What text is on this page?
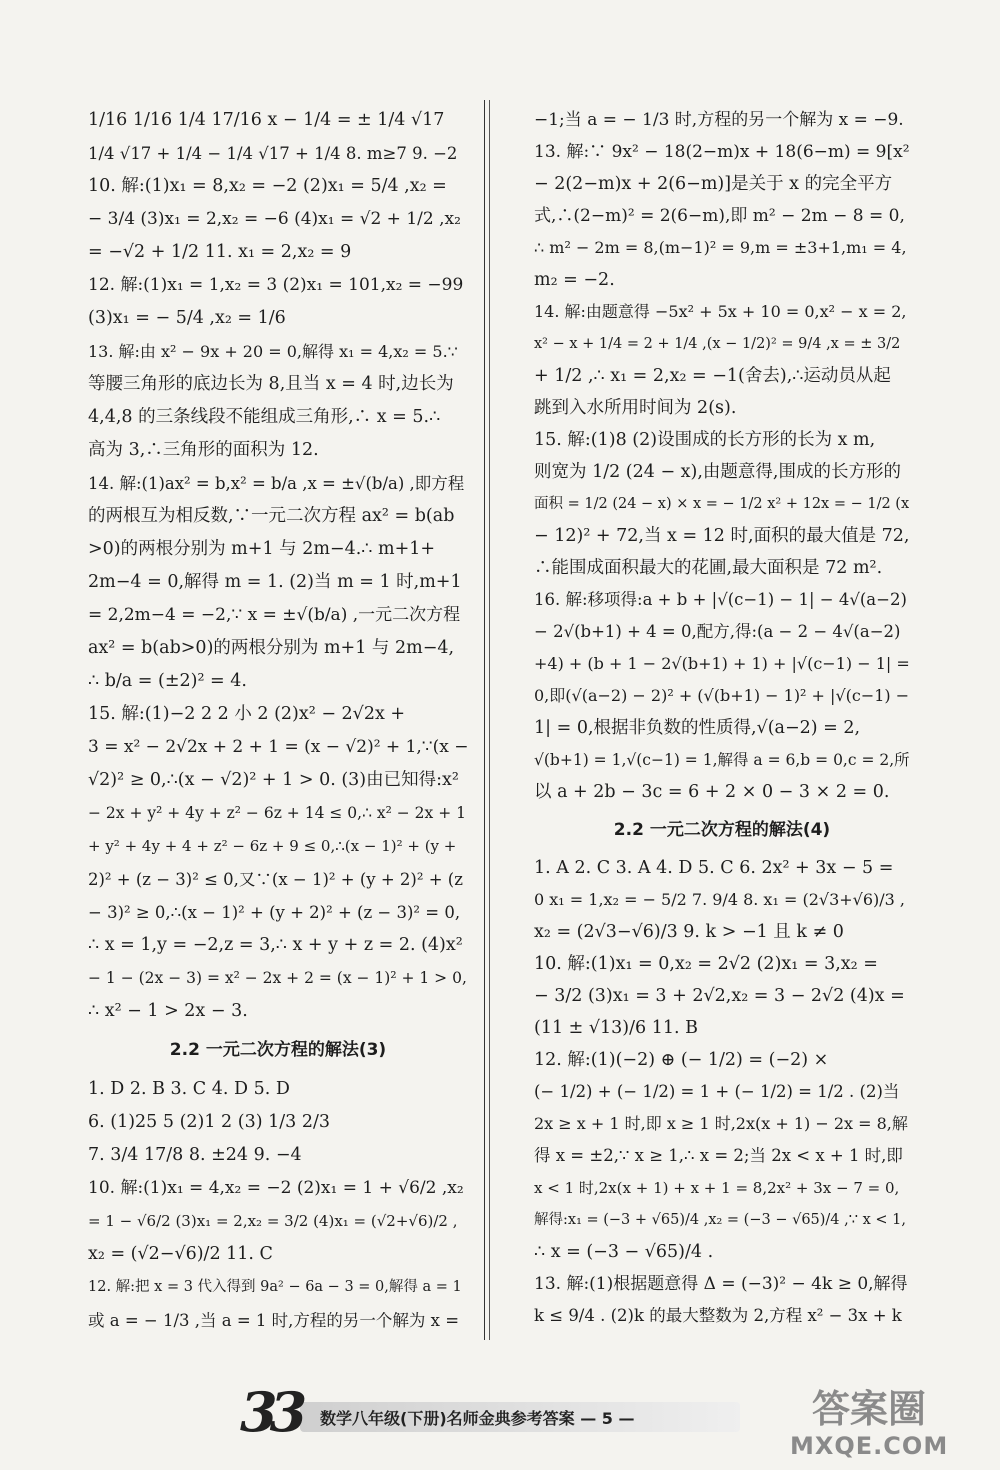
1/16 1/16 1/4 17/16 x − 1/4 = ± 1/4 √17
1/4 √17 + 1/4 − 1/4 √17 + 1/4 8. m≥7 9. −2
10. 解:(1)x₁ = 8,x₂ = −2 (2)x₁ = 5/4 ,x₂ =
− 3/4 (3)x₁ = 2,x₂ = −6 (4)x₁ = √2 + 1/2 ,x₂
= −√2 + 1/2 11. x₁ = 2,x₂ = 9
12. 解:(1)x₁ = 1,x₂ = 3 (2)x₁ = 101,x₂ = −99
(3)x₁ = − 5/4 ,x₂ = 1/6
13. 解:由 x² − 9x + 20 = 0,解得 x₁ = 4,x₂ = 5.∵
等腰三角形的底边长为 8,且当 x = 4 时,边长为
4,4,8 的三条线段不能组成三角形,∴ x = 5.∴
高为 3,∴三角形的面积为 12.
14. 解:(1)ax² = b,x² = b/a ,x = ±√(b/a) ,即方程
的两根互为相反数,∵一元二次方程 ax² = b(ab
>0)的两根分别为 m+1 与 2m−4.∴ m+1+
2m−4 = 0,解得 m = 1. (2)当 m = 1 时,m+1
= 2,2m−4 = −2,∵ x = ±√(b/a) ,一元二次方程
ax² = b(ab>0)的两根分别为 m+1 与 2m−4,
∴ b/a = (±2)² = 4.
15. 解:(1)−2 2 2 小 2 (2)x² − 2√2x +
3 = x² − 2√2x + 2 + 1 = (x − √2)² + 1,∵(x −
√2)² ≥ 0,∴(x − √2)² + 1 > 0. (3)由已知得:x²
− 2x + y² + 4y + z² − 6z + 14 ≤ 0,∴ x² − 2x + 1
+ y² + 4y + 4 + z² − 6z + 9 ≤ 0,∴(x − 1)² + (y +
2)² + (z − 3)² ≤ 0,又∵(x − 1)² + (y + 2)² + (z
− 3)² ≥ 0,∴(x − 1)² + (y + 2)² + (z − 3)² = 0,
∴ x = 1,y = −2,z = 3,∴ x + y + z = 2. (4)x²
− 1 − (2x − 3) = x² − 2x + 2 = (x − 1)² + 1 > 0,
∴ x² − 1 > 2x − 3.
2.2 一元二次方程的解法(3)
1. D 2. B 3. C 4. D 5. D
6. (1)25 5 (2)1 2 (3) 1/3 2/3
7. 3/4 17/8 8. ±24 9. −4
10. 解:(1)x₁ = 4,x₂ = −2 (2)x₁ = 1 + √6/2 ,x₂
= 1 − √6/2 (3)x₁ = 2,x₂ = 3/2 (4)x₁ = (√2+√6)/2 ,
x₂ = (√2−√6)/2 11. C
12. 解:把 x = 3 代入得到 9a² − 6a − 3 = 0,解得 a = 1
或 a = − 1/3 ,当 a = 1 时,方程的另一个解为 x =
−1;当 a = − 1/3 时,方程的另一个解为 x = −9.
13. 解:∵ 9x² − 18(2−m)x + 18(6−m) = 9[x²
− 2(2−m)x + 2(6−m)]是关于 x 的完全平方
式,∴(2−m)² = 2(6−m),即 m² − 2m − 8 = 0,
∴ m² − 2m = 8,(m−1)² = 9,m = ±3+1,m₁ = 4,
m₂ = −2.
14. 解:由题意得 −5x² + 5x + 10 = 0,x² − x = 2,
x² − x + 1/4 = 2 + 1/4 ,(x − 1/2)² = 9/4 ,x = ± 3/2
+ 1/2 ,∴ x₁ = 2,x₂ = −1(舍去),∴运动员从起
跳到入水所用时间为 2(s).
15. 解:(1)8 (2)设围成的长方形的长为 x m,
则宽为 1/2 (24 − x),由题意得,围成的长方形的
面积 = 1/2 (24 − x) × x = − 1/2 x² + 12x = − 1/2 (x
− 12)² + 72,当 x = 12 时,面积的最大值是 72,
∴能围成面积最大的花圃,最大面积是 72 m².
16. 解:移项得:a + b + |√(c−1) − 1| − 4√(a−2)
− 2√(b+1) + 4 = 0,配方,得:(a − 2 − 4√(a−2)
+4) + (b + 1 − 2√(b+1) + 1) + |√(c−1) − 1| =
0,即(√(a−2) − 2)² + (√(b+1) − 1)² + |√(c−1) −
1| = 0,根据非负数的性质得,√(a−2) = 2,
√(b+1) = 1,√(c−1) = 1,解得 a = 6,b = 0,c = 2,所
以 a + 2b − 3c = 6 + 2 × 0 − 3 × 2 = 0.
2.2 一元二次方程的解法(4)
1. A 2. C 3. A 4. D 5. C 6. 2x² + 3x − 5 =
0 x₁ = 1,x₂ = − 5/2 7. 9/4 8. x₁ = (2√3+√6)/3 ,
x₂ = (2√3−√6)/3 9. k > −1 且 k ≠ 0
10. 解:(1)x₁ = 0,x₂ = 2√2 (2)x₁ = 3,x₂ =
− 3/2 (3)x₁ = 3 + 2√2,x₂ = 3 − 2√2 (4)x =
(11 ± √13)/6 11. B
12. 解:(1)(−2) ⊕ (− 1/2) = (−2) ×
(− 1/2) + (− 1/2) = 1 + (− 1/2) = 1/2 . (2)当
2x ≥ x + 1 时,即 x ≥ 1 时,2x(x + 1) − 2x = 8,解
得 x = ±2,∵ x ≥ 1,∴ x = 2;当 2x < x + 1 时,即
x < 1 时,2x(x + 1) + x + 1 = 8,2x² + 3x − 7 = 0,
解得:x₁ = (−3 + √65)/4 ,x₂ = (−3 − √65)/4 ,∵ x < 1,
∴ x = (−3 − √65)/4 .
13. 解:(1)根据题意得 Δ = (−3)² − 4k ≥ 0,解得
k ≤ 9/4 . (2)k 的最大整数为 2,方程 x² − 3x + k
33 数学八年级(下册)名师金典参考答案 — 5 —	答案圈
MXQE.COM
